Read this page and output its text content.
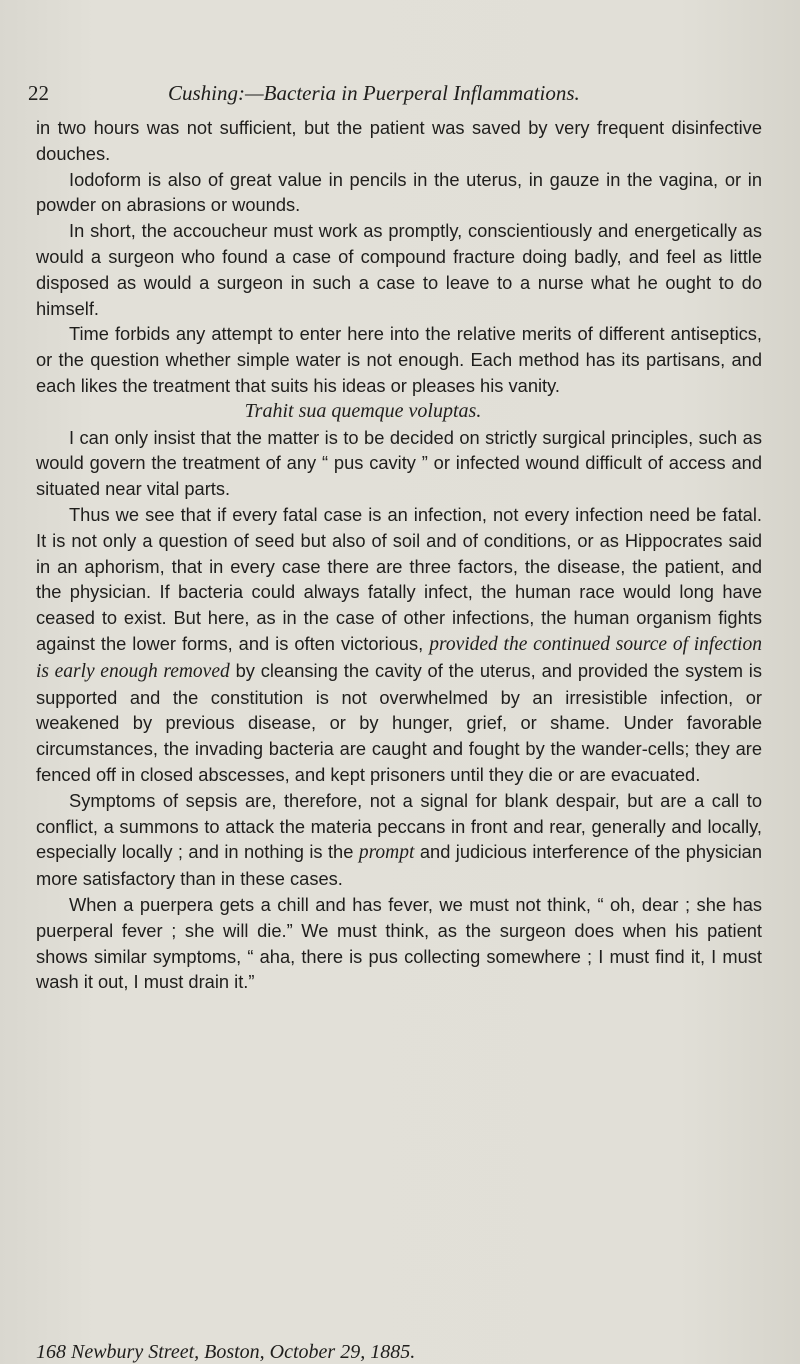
22	Cushing:—Bacteria in Puerperal Inflammations.

in two hours was not sufficient, but the patient was saved by very frequent disinfective douches.

Iodoform is also of great value in pencils in the uterus, in gauze in the vagina, or in powder on abrasions or wounds.

In short, the accoucheur must work as promptly, conscientiously and energetically as would a surgeon who found a case of compound fracture doing badly, and feel as little disposed as would a surgeon in such a case to leave to a nurse what he ought to do himself.

Time forbids any attempt to enter here into the relative merits of different antiseptics, or the question whether simple water is not enough. Each method has its partisans, and each likes the treatment that suits his ideas or pleases his vanity.

Trahit sua quemque voluptas.

I can only insist that the matter is to be decided on strictly surgical principles, such as would govern the treatment of any “ pus cavity ” or infected wound difficult of access and situated near vital parts.

Thus we see that if every fatal case is an infection, not every infection need be fatal. It is not only a question of seed but also of soil and of conditions, or as Hippocrates said in an aphorism, that in every case there are three factors, the disease, the patient, and the physician. If bacteria could always fatally infect, the human race would long have ceased to exist. But here, as in the case of other infections, the human organism fights against the lower forms, and is often victorious, provided the continued source of infection is early enough removed by cleansing the cavity of the uterus, and provided the system is supported and the constitution is not overwhelmed by an irresistible infection, or weakened by previous disease, or by hunger, grief, or shame. Under favorable circumstances, the invading bacteria are caught and fought by the wander-cells; they are fenced off in closed abscesses, and kept prisoners until they die or are evacuated.

Symptoms of sepsis are, therefore, not a signal for blank despair, but are a call to conflict, a summons to attack the materia peccans in front and rear, generally and locally, especially locally ; and in nothing is the prompt and judicious interference of the physician more satisfactory than in these cases.

When a puerpera gets a chill and has fever, we must not think, “ oh, dear ; she has puerperal fever ; she will die.” We must think, as the surgeon does when his patient shows similar symptoms, “ aha, there is pus collecting somewhere ; I must find it, I must wash it out, I must drain it.”

168 Newbury Street, Boston, October 29, 1885.
